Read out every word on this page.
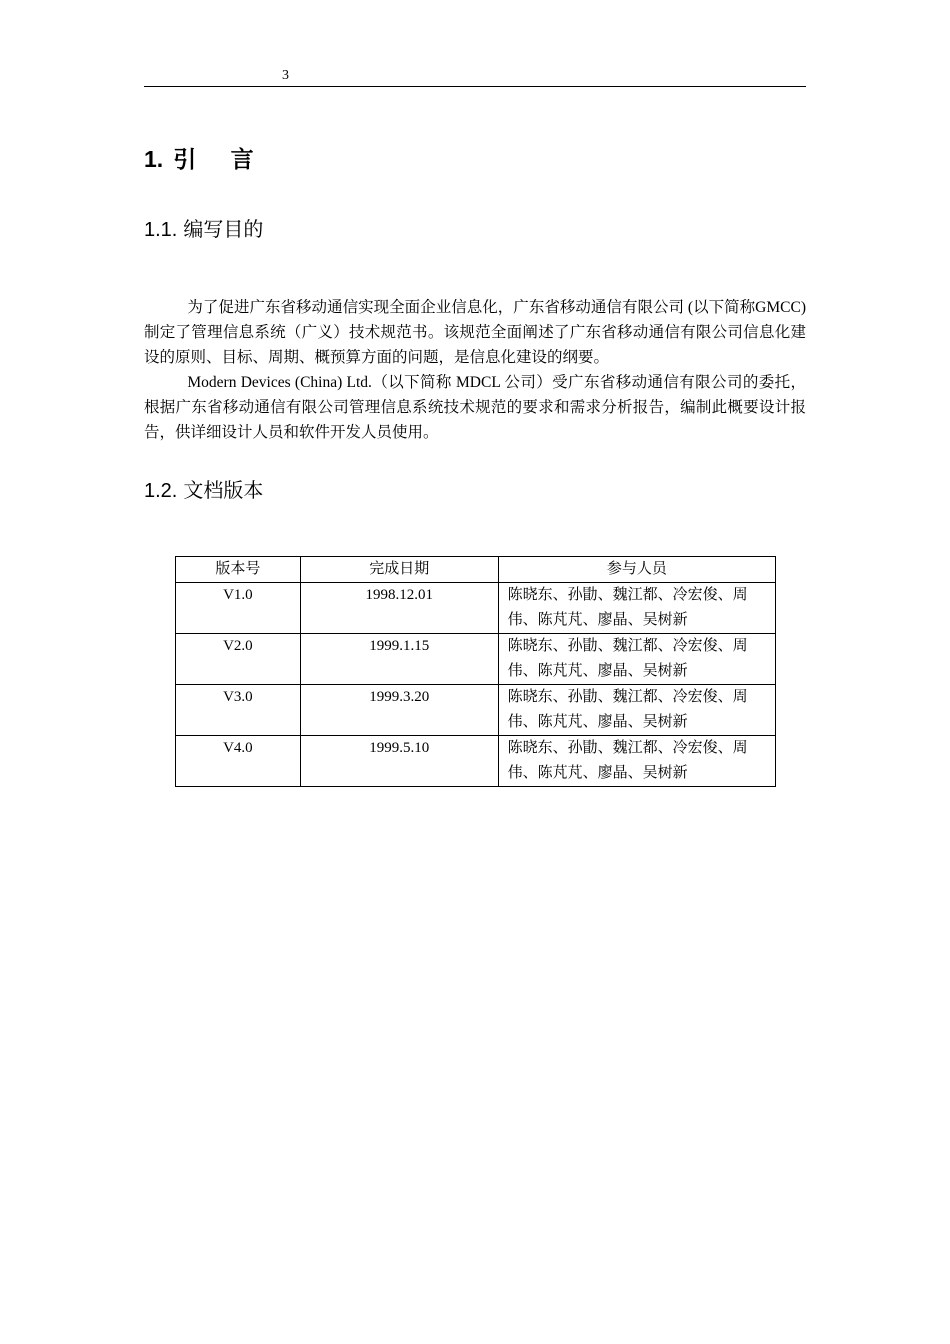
3
1. 引 言
1.1. 编写目的

为了促进广东省移动通信实现全面企业信息化，广东省移动通信有限公司 (以下简称GMCC)制定了管理信息系统（广义）技术规范书。该规范全面阐述了广东省移动通信有限公司信息化建设的原则、目标、周期、概预算方面的问题，是信息化建设的纲要。

Modern Devices (China) Ltd.（以下简称 MDCL 公司）受广东省移动通信有限公司的委托，根据广东省移动通信有限公司管理信息系统技术规范的要求和需求分析报告，编制此概要设计报告，供详细设计人员和软件开发人员使用。

1.2. 文档版本
版本号	完成日期	参与人员
V1.0	1998.12.01	陈晓东、孙勖、魏江都、冷宏俊、周伟、陈芃芃、廖晶、吴树新
V2.0	1999.1.15	陈晓东、孙勖、魏江都、冷宏俊、周伟、陈芃芃、廖晶、吴树新
V3.0	1999.3.20	陈晓东、孙勖、魏江都、冷宏俊、周伟、陈芃芃、廖晶、吴树新
V4.0	1999.5.10	陈晓东、孙勖、魏江都、冷宏俊、周伟、陈芃芃、廖晶、吴树新
